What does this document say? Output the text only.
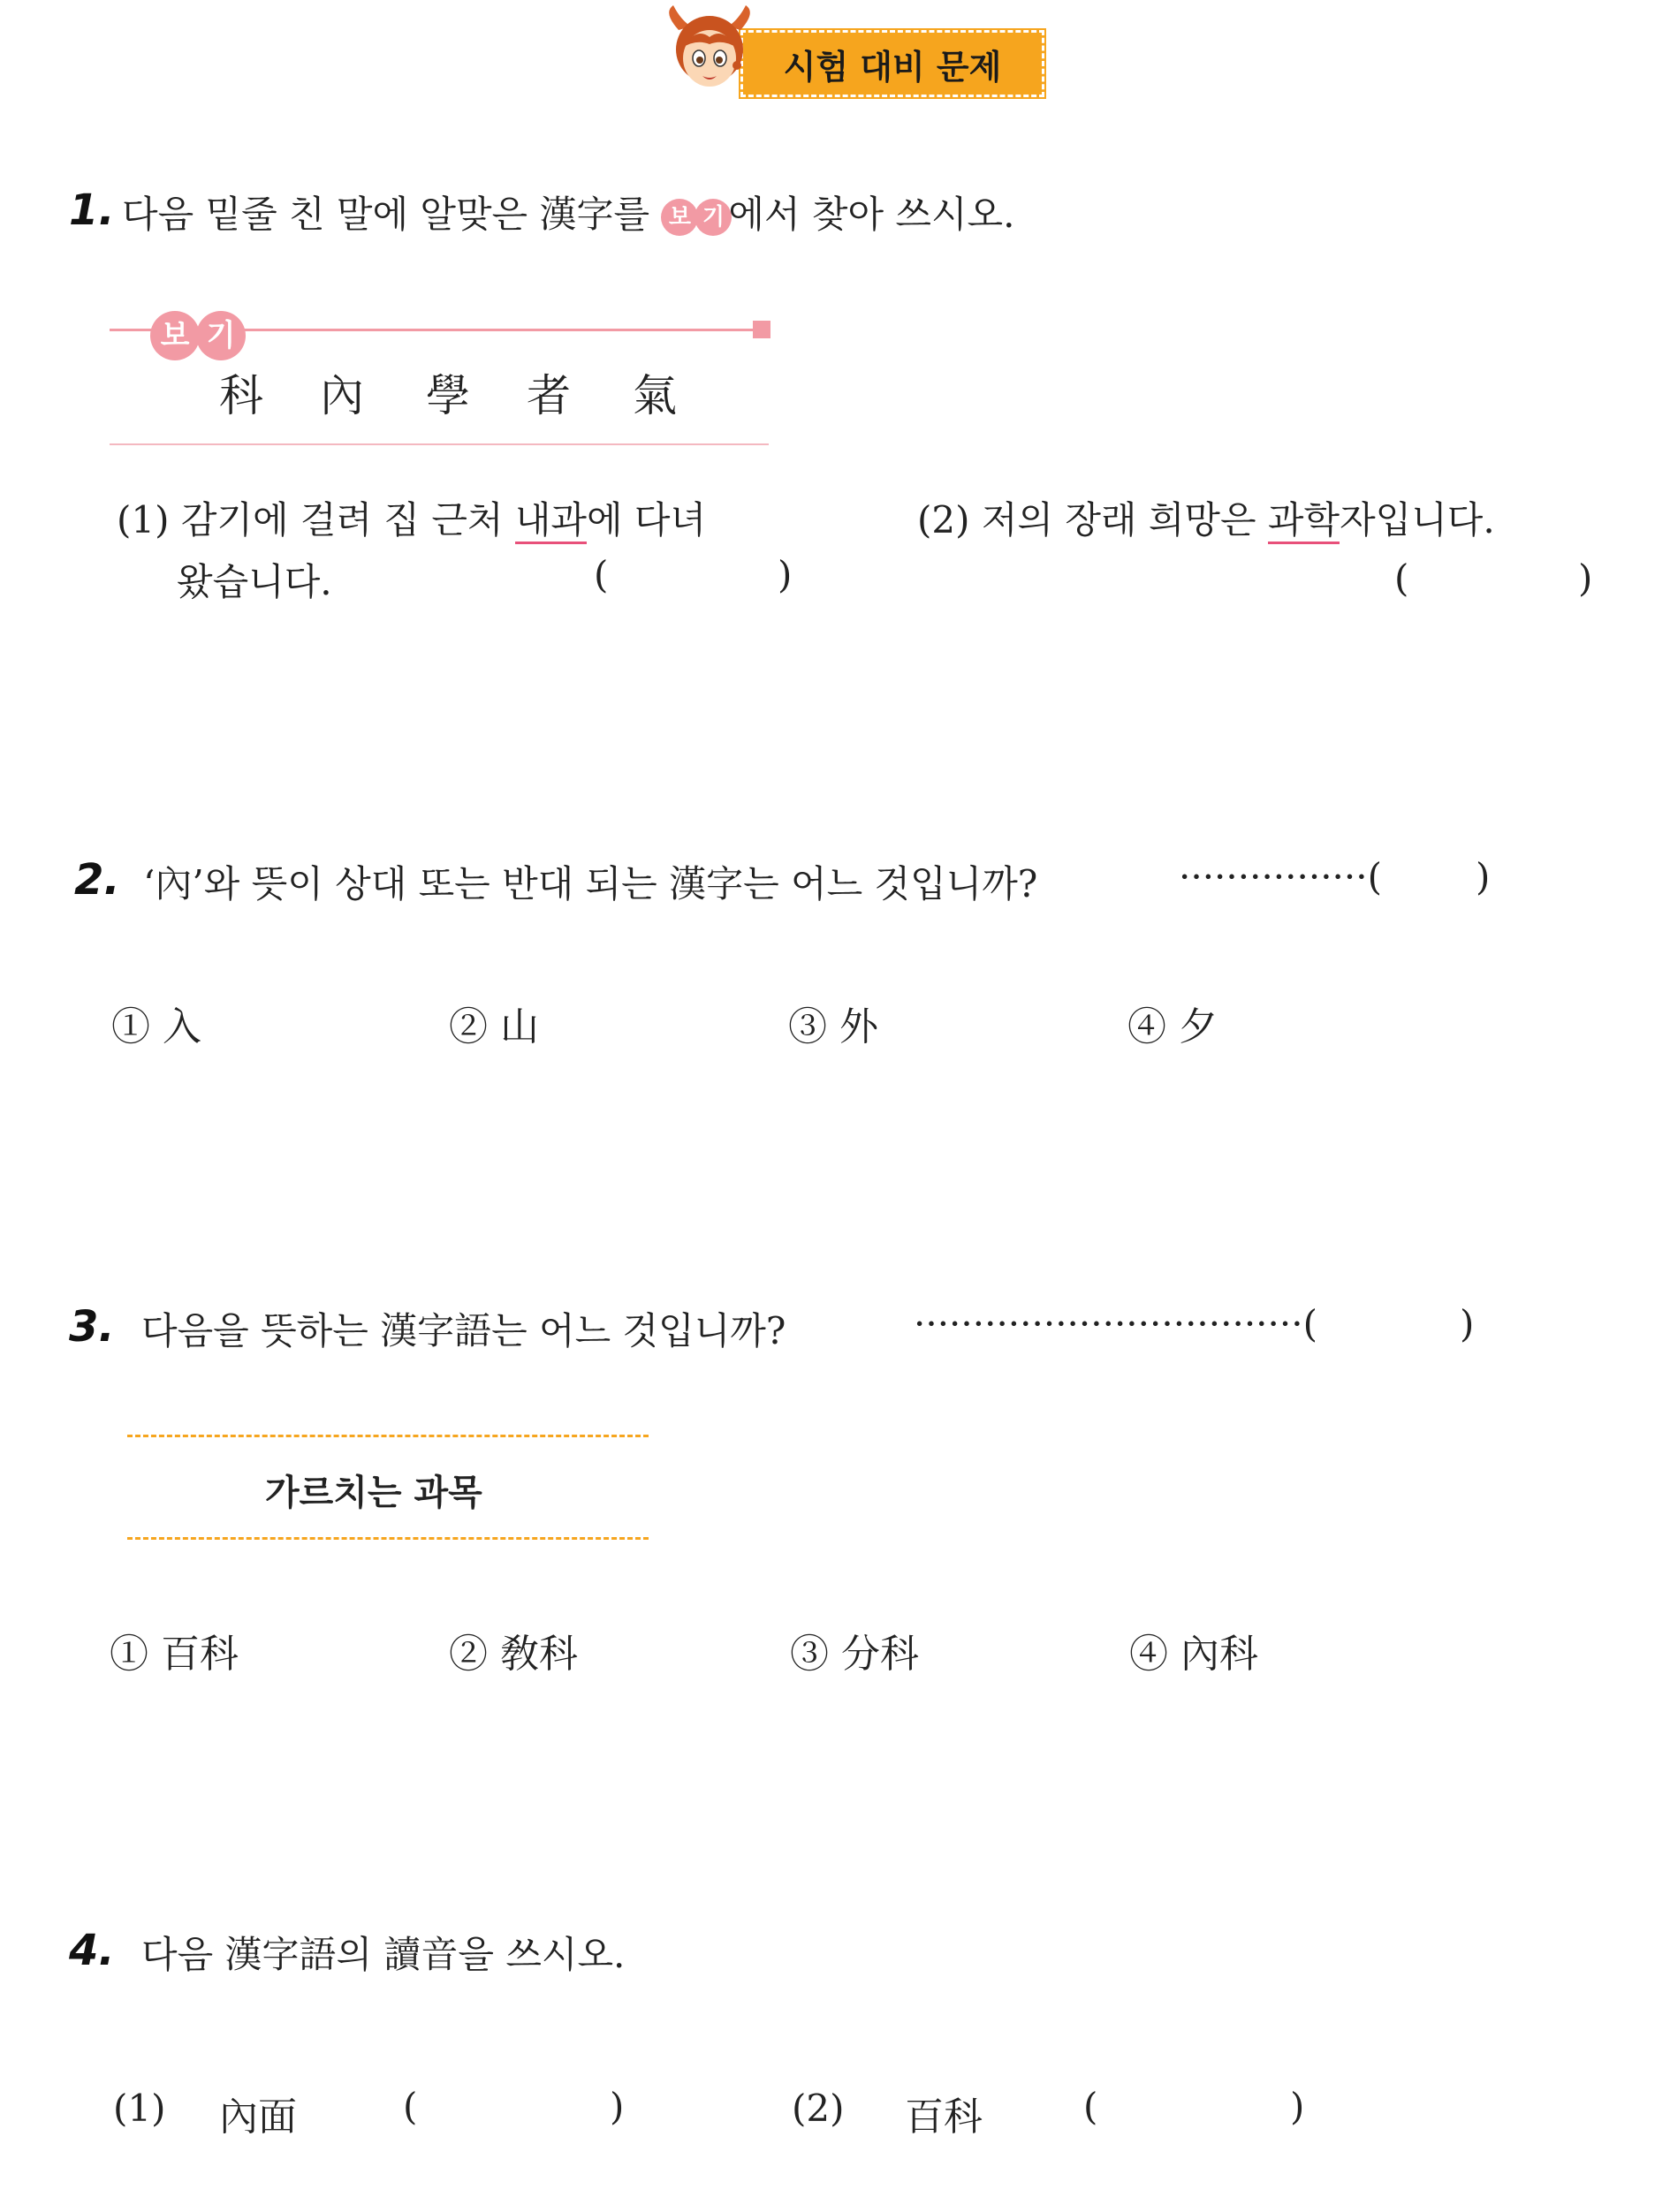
시험 대비 문제
1. 다음 밑줄 친 말에 알맞은 漢字를 보 기 에서 찾아 쓰시오.
보 기
科 內 學 者 氣
(1) 감기에 걸려 집 근처 내과에 다녀
왔습니다.	(	)
(2) 저의 장래 희망은 과학자입니다.
(	)
2. ‘內’와 뜻이 상대 또는 반대 되는 漢字는 어느 것입니까?	················(	)
① 入	② 山	③ 外	④ 夕
3. 다음을 뜻하는 漢字語는 어느 것입니까?	·································(	)
가르치는 과목
① 百科	② 敎科	③ 分科	④ 內科
4. 다음 漢字語의 讀音을 쓰시오.
(1) 內面	(	)	(2) 百科	(	)
